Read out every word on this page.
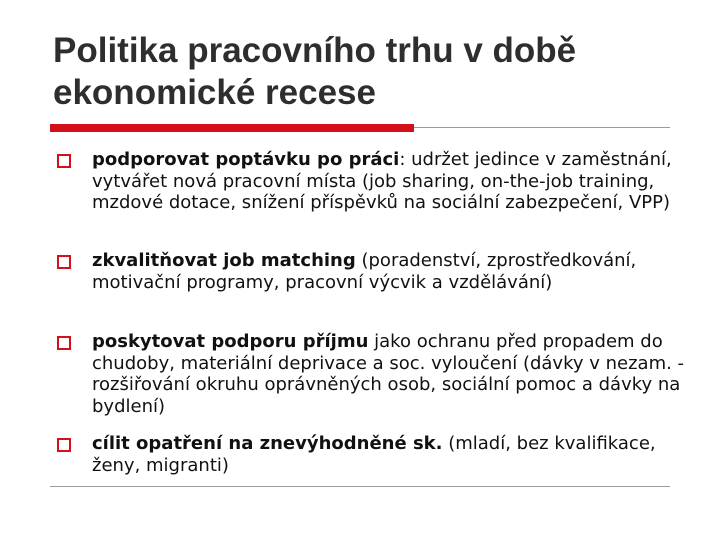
Politika pracovního trhu v době ekonomické recese
podporovat poptávku po práci: udržet jedince v zaměstnání, vytvářet nová pracovní místa (job sharing, on-the-job training, mzdové dotace, snížení příspěvků na sociální zabezpečení, VPP)
zkvalitňovat job matching (poradenství, zprostředkování, motivační programy, pracovní výcvik a vzdělávání)
poskytovat podporu příjmu jako ochranu před propadem do chudoby, materiální deprivace a soc. vyloučení (dávky v nezam. - rozšiřování okruhu oprávněných osob, sociální pomoc a dávky na bydlení)
cílit opatření na znevýhodněné sk. (mladí, bez kvalifikace, ženy, migranti)
